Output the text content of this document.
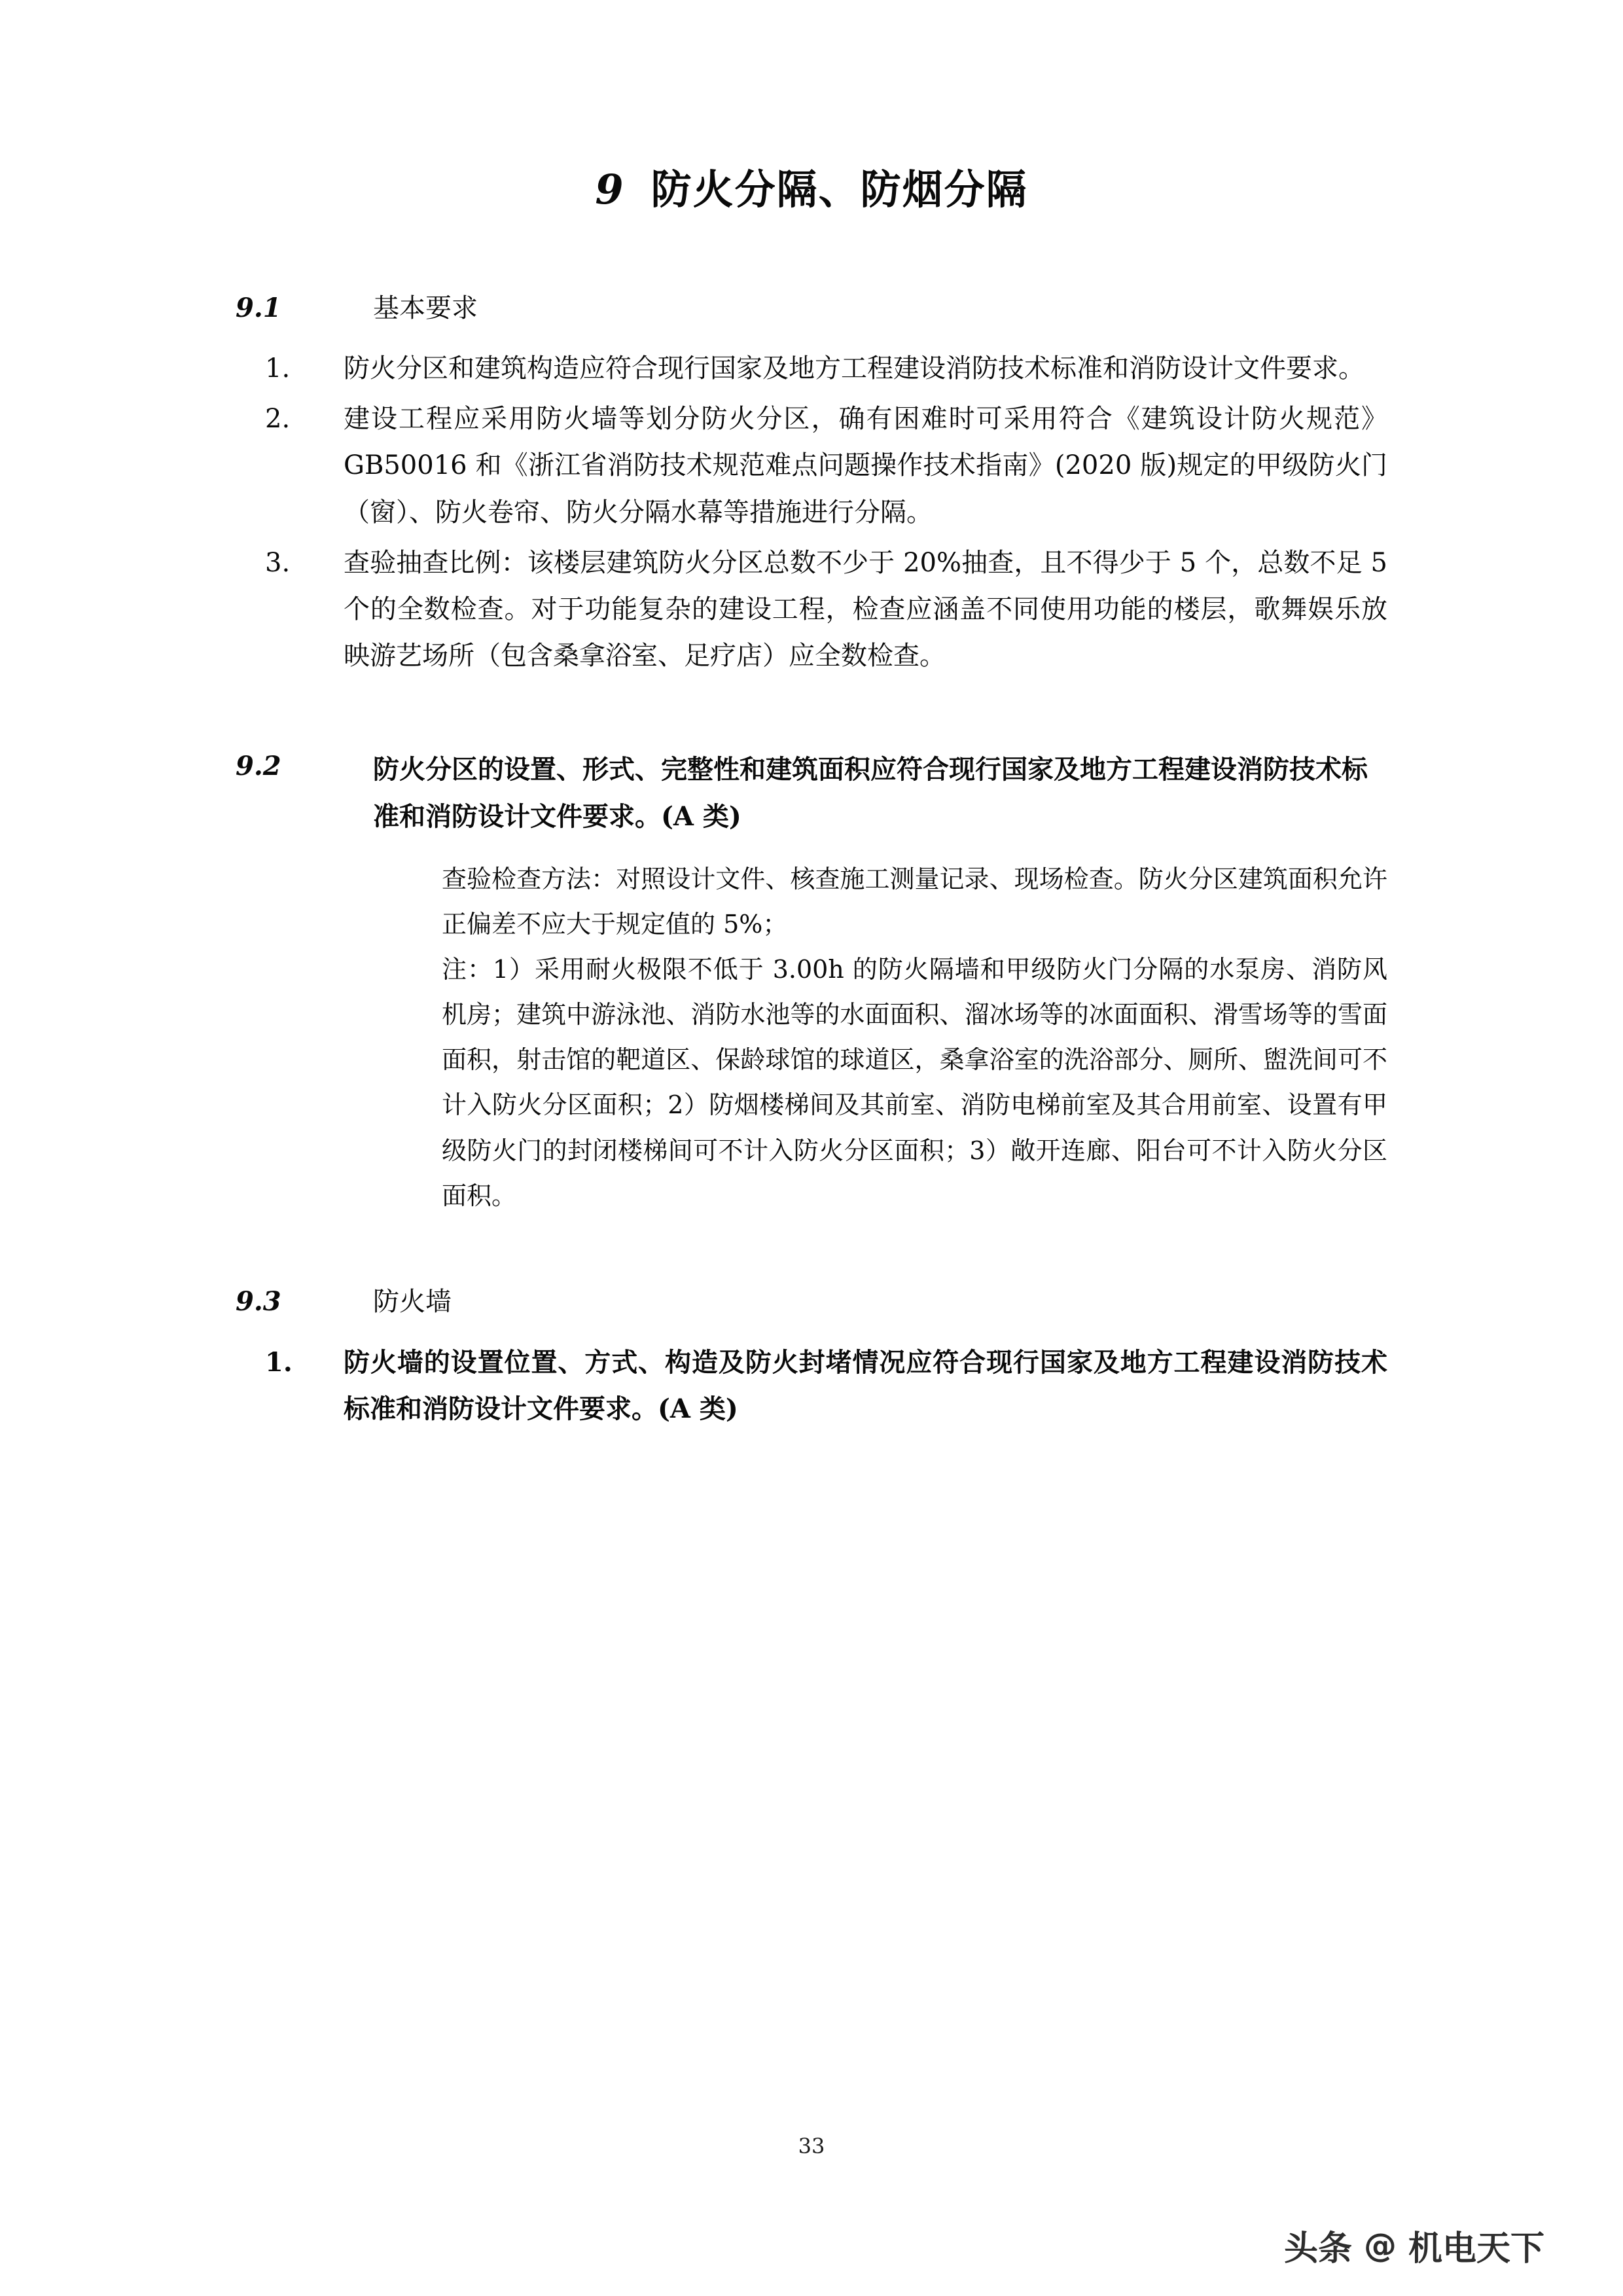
9 防火分隔、防烟分隔
9.1	基本要求
1.	防火分区和建筑构造应符合现行国家及地方工程建设消防技术标准和消防设计文件要求。
2.	建设工程应采用防火墙等划分防火分区，确有困难时可采用符合《建筑设计防火规范》GB50016 和《浙江省消防技术规范难点问题操作技术指南》(2020 版)规定的甲级防火门（窗）、防火卷帘、防火分隔水幕等措施进行分隔。
3.	查验抽查比例：该楼层建筑防火分区总数不少于 20%抽查，且不得少于 5 个，总数不足 5 个的全数检查。对于功能复杂的建设工程，检查应涵盖不同使用功能的楼层，歌舞娱乐放映游艺场所（包含桑拿浴室、足疗店）应全数检查。
9.2	防火分区的设置、形式、完整性和建筑面积应符合现行国家及地方工程建设消防技术标准和消防设计文件要求。(A 类)
查验检查方法：对照设计文件、核查施工测量记录、现场检查。防火分区建筑面积允许正偏差不应大于规定值的 5%；
注：1）采用耐火极限不低于 3.00h 的防火隔墙和甲级防火门分隔的水泵房、消防风机房；建筑中游泳池、消防水池等的水面面积、溜冰场等的冰面面积、滑雪场等的雪面面积，射击馆的靶道区、保龄球馆的球道区，桑拿浴室的洗浴部分、厕所、盥洗间可不计入防火分区面积；2）防烟楼梯间及其前室、消防电梯前室及其合用前室、设置有甲级防火门的封闭楼梯间可不计入防火分区面积；3）敞开连廊、阳台可不计入防火分区面积。
9.3	防火墙
1.	防火墙的设置位置、方式、构造及防火封堵情况应符合现行国家及地方工程建设消防技术标准和消防设计文件要求。(A 类)
33
头条 @ 机电天下
